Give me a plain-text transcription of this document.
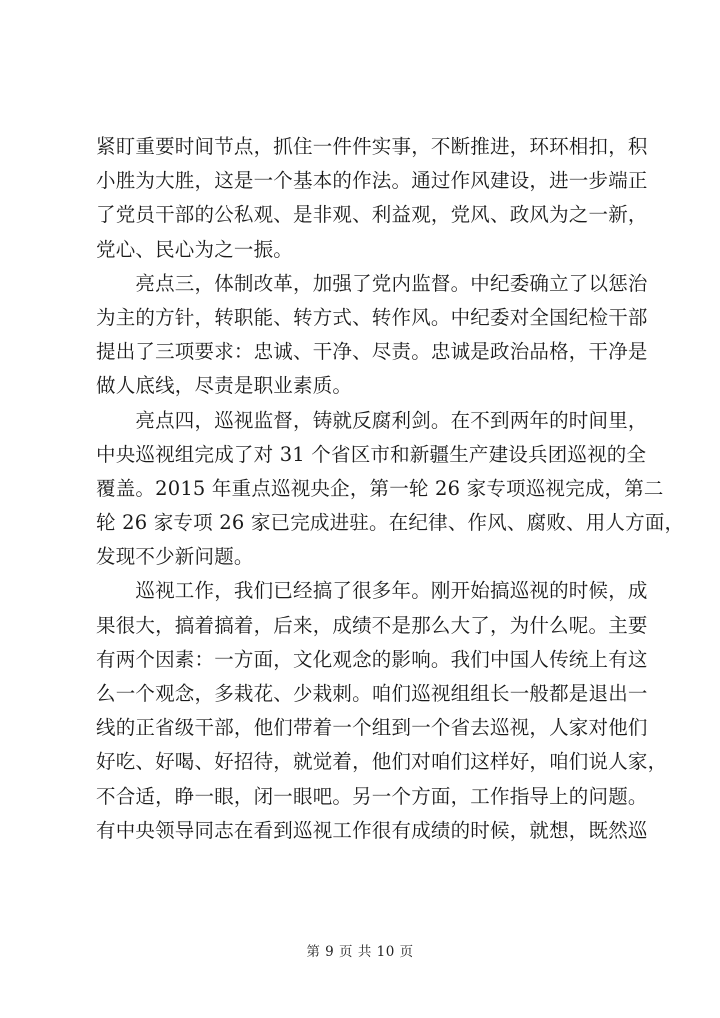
紧盯重要时间节点，抓住一件件实事，不断推进，环环相扣，积
小胜为大胜，这是一个基本的作法。通过作风建设，进一步端正
了党员干部的公私观、是非观、利益观，党风、政风为之一新，
党心、民心为之一振。
　　亮点三，体制改革，加强了党内监督。中纪委确立了以惩治
为主的方针，转职能、转方式、转作风。中纪委对全国纪检干部
提出了三项要求：忠诚、干净、尽责。忠诚是政治品格，干净是
做人底线，尽责是职业素质。
　　亮点四，巡视监督，铸就反腐利剑。在不到两年的时间里，
中央巡视组完成了对 31 个省区市和新疆生产建设兵团巡视的全
覆盖。2015 年重点巡视央企，第一轮 26 家专项巡视完成，第二
轮 26 家专项 26 家已完成进驻。在纪律、作风、腐败、用人方面，
发现不少新问题。
　　巡视工作，我们已经搞了很多年。刚开始搞巡视的时候，成
果很大，搞着搞着，后来，成绩不是那么大了，为什么呢。主要
有两个因素：一方面，文化观念的影响。我们中国人传统上有这
么一个观念，多栽花、少栽刺。咱们巡视组组长一般都是退出一
线的正省级干部，他们带着一个组到一个省去巡视，人家对他们
好吃、好喝、好招待，就觉着，他们对咱们这样好，咱们说人家，
不合适，睁一眼，闭一眼吧。另一个方面，工作指导上的问题。
有中央领导同志在看到巡视工作很有成绩的时候，就想，既然巡
第 9 页 共 10 页
